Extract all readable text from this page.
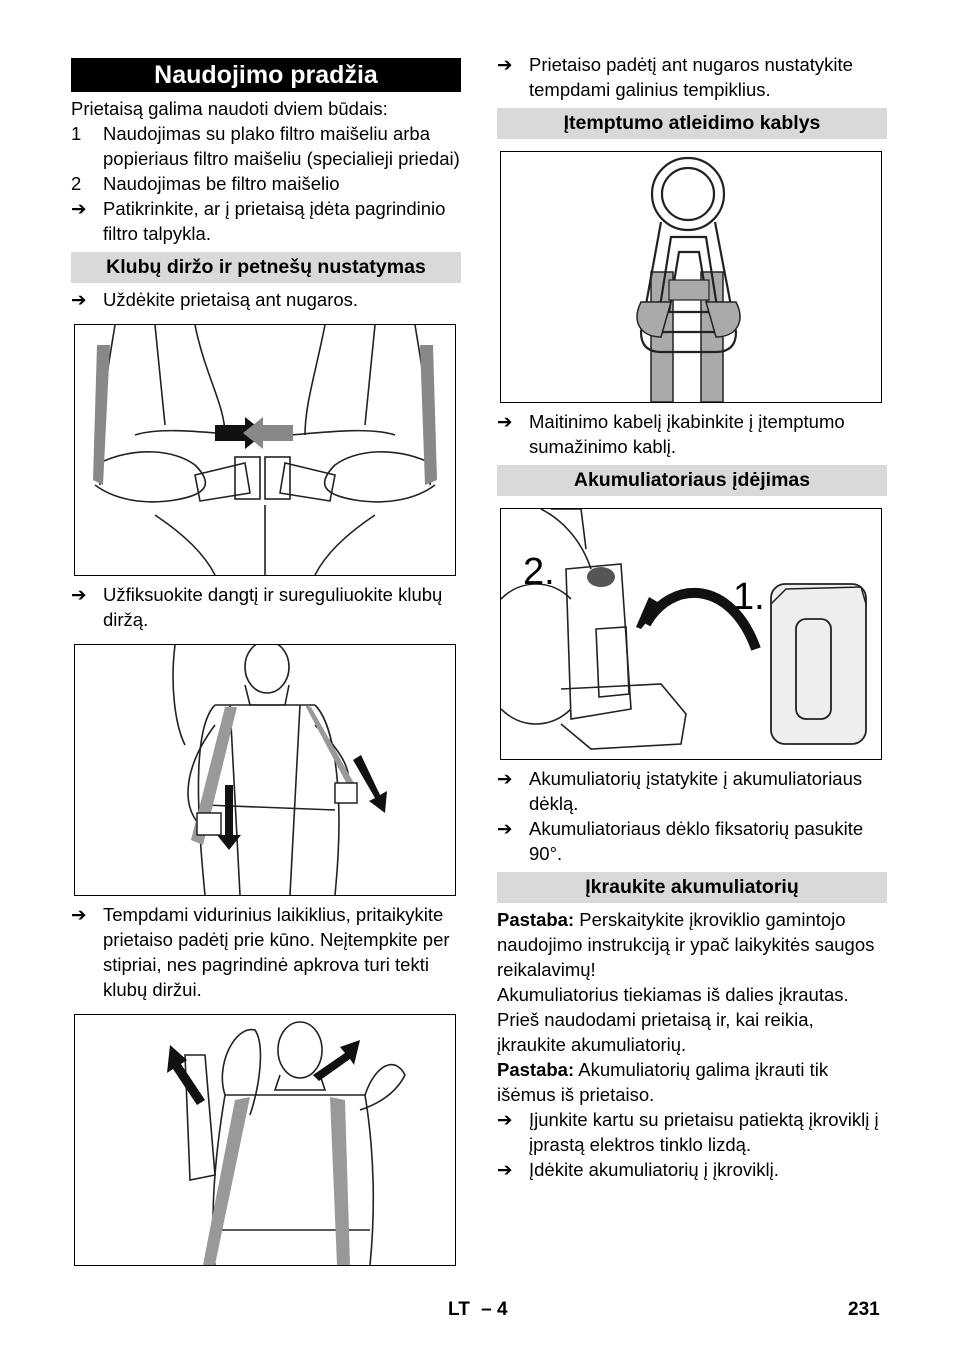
Naudojimo pradžia

Prietaisą galima naudoti dviem būdais:

1	Naudojimas su plako filtro maišeliu arba popieriaus filtro maišeliu (specialieji priedai)
2	Naudojimas be filtro maišelio
➔ Patikrinkite, ar į prietaisą įdėta pagrindinio filtro talpykla.
Klubų diržo ir petnešų nustatymas
➔ Uždėkite prietaisą ant nugaros.
➔ Užfiksuokite dangtį ir sureguliuokite klubų diržą.
➔ Tempdami vidurinius laikiklius, pritaikykite prietaiso padėtį prie kūno. Neįtempkite per stipriai, nes pagrindinė apkrova turi tekti klubų diržui.
➔ Prietaiso padėtį ant nugaros nustatykite tempdami galinius tempiklius.
Įtemptumo atleidimo kablys
➔ Maitinimo kabelį įkabinkite į įtemptumo sumažinimo kablį.
Akumuliatoriaus įdėjimas
2.
1.
➔ Akumuliatorių įstatykite į akumuliatoriaus dėklą.
➔ Akumuliatoriaus dėklo fiksatorių pasukite 90°.
Įkraukite akumuliatorių

Pastaba: Perskaitykite įkroviklio gamintojo naudojimo instrukciją ir ypač laikykitės saugos reikalavimų!

Akumuliatorius tiekiamas iš dalies įkrautas. Prieš naudodami prietaisą ir, kai reikia, įkraukite akumuliatorių.

Pastaba: Akumuliatorių galima įkrauti tik išėmus iš prietaiso.

➔ Įjunkite kartu su prietaisu patiektą įkroviklį į įprastą elektros tinklo lizdą.
➔ Įdėkite akumuliatorių į įkroviklį.
LT – 4	231
